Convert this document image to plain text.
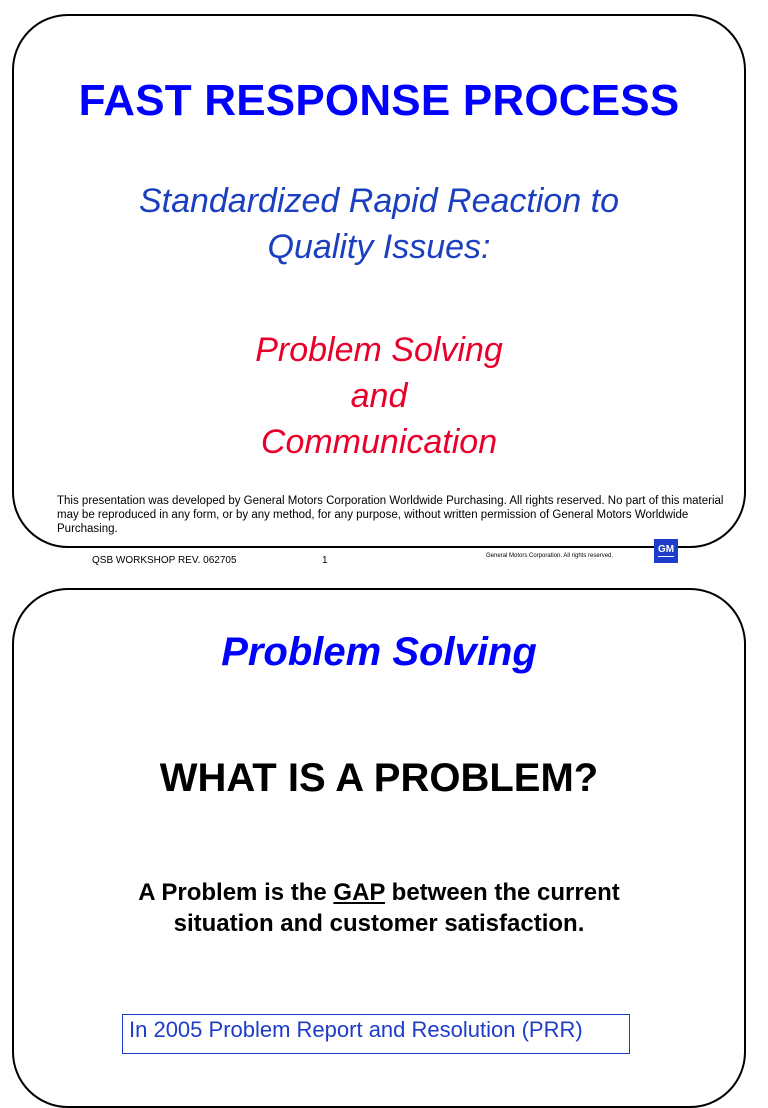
FAST RESPONSE PROCESS
Standardized Rapid Reaction to
Quality Issues:
Problem Solving
and
Communication
This presentation was developed by General Motors Corporation Worldwide Purchasing. All rights reserved. No part of this material may be reproduced in any form, or by any method, for any purpose, without written permission of General Motors Worldwide Purchasing.
QSB WORKSHOP REV. 062705	1	General Motors Corporation. All rights reserved.
GM
Problem Solving
WHAT IS A PROBLEM?
A Problem is the GAP between the current
situation and customer satisfaction.
In 2005 Problem Report and Resolution (PRR)
